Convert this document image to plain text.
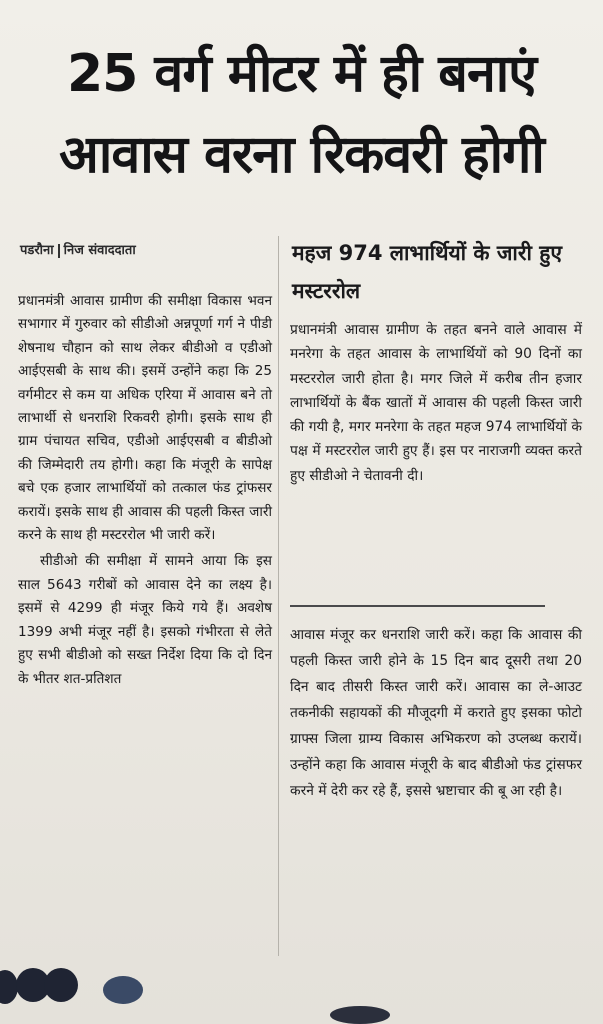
25 वर्ग मीटर में ही बनाएं
आवास वरना रिकवरी होगी
पडरौना निज संवाददाता

प्रधानमंत्री आवास ग्रामीण की समीक्षा विकास भवन सभागार में गुरुवार को सीडीओ अन्नपूर्णा गर्ग ने पीडी शेषनाथ चौहान को साथ लेकर बीडीओ व एडीओ आईएसबी के साथ की। इसमें उन्होंने कहा कि 25 वर्गमीटर से कम या अधिक एरिया में आवास बने तो लाभार्थी से धनराशि रिकवरी होगी। इसके साथ ही ग्राम पंचायत सचिव, एडीओ आईएसबी व बीडीओ की जिम्मेदारी तय होगी। कहा कि मंजूरी के सापेक्ष बचे एक हजार लाभार्थियों को तत्काल फंड ट्रांफसर करायें। इसके साथ ही आवास की पहली किस्त जारी करने के साथ ही मस्टररोल भी जारी करें।

सीडीओ की समीक्षा में सामने आया कि इस साल 5643 गरीबों को आवास देने का लक्ष्य है। इसमें से 4299 ही मंजूर किये गये हैं। अवशेष 1399 अभी मंजूर नहीं है। इसको गंभीरता से लेते हुए सभी बीडीओ को सख्त निर्देश दिया कि दो दिन के भीतर शत-प्रतिशत

महज 974 लाभार्थियों के जारी हुए मस्टररोल
प्रधानमंत्री आवास ग्रामीण के तहत बनने वाले आवास में मनरेगा के तहत आवास के लाभार्थियों को 90 दिनों का मस्टररोल जारी होता है। मगर जिले में करीब तीन हजार लाभार्थियों के बैंक खातों में आवास की पहली किस्त जारी की गयी है, मगर मनरेगा के तहत महज 974 लाभार्थियों के पक्ष में मस्टररोल जारी हुए हैं। इस पर नाराजगी व्यक्त करते हुए सीडीओ ने चेतावनी दी।
आवास मंजूर कर धनराशि जारी करें। कहा कि आवास की पहली किस्त जारी होने के 15 दिन बाद दूसरी तथा 20 दिन बाद तीसरी किस्त जारी करें। आवास का ले-आउट तकनीकी सहायकों की मौजूदगी में कराते हुए इसका फोटो ग्राफ्स जिला ग्राम्य विकास अभिकरण को उप्लब्ध करायें। उन्होंने कहा कि आवास मंजूरी के बाद बीडीओ फंड ट्रांसफर करने में देरी कर रहे हैं, इससे भ्रष्टाचार की बू आ रही है।
